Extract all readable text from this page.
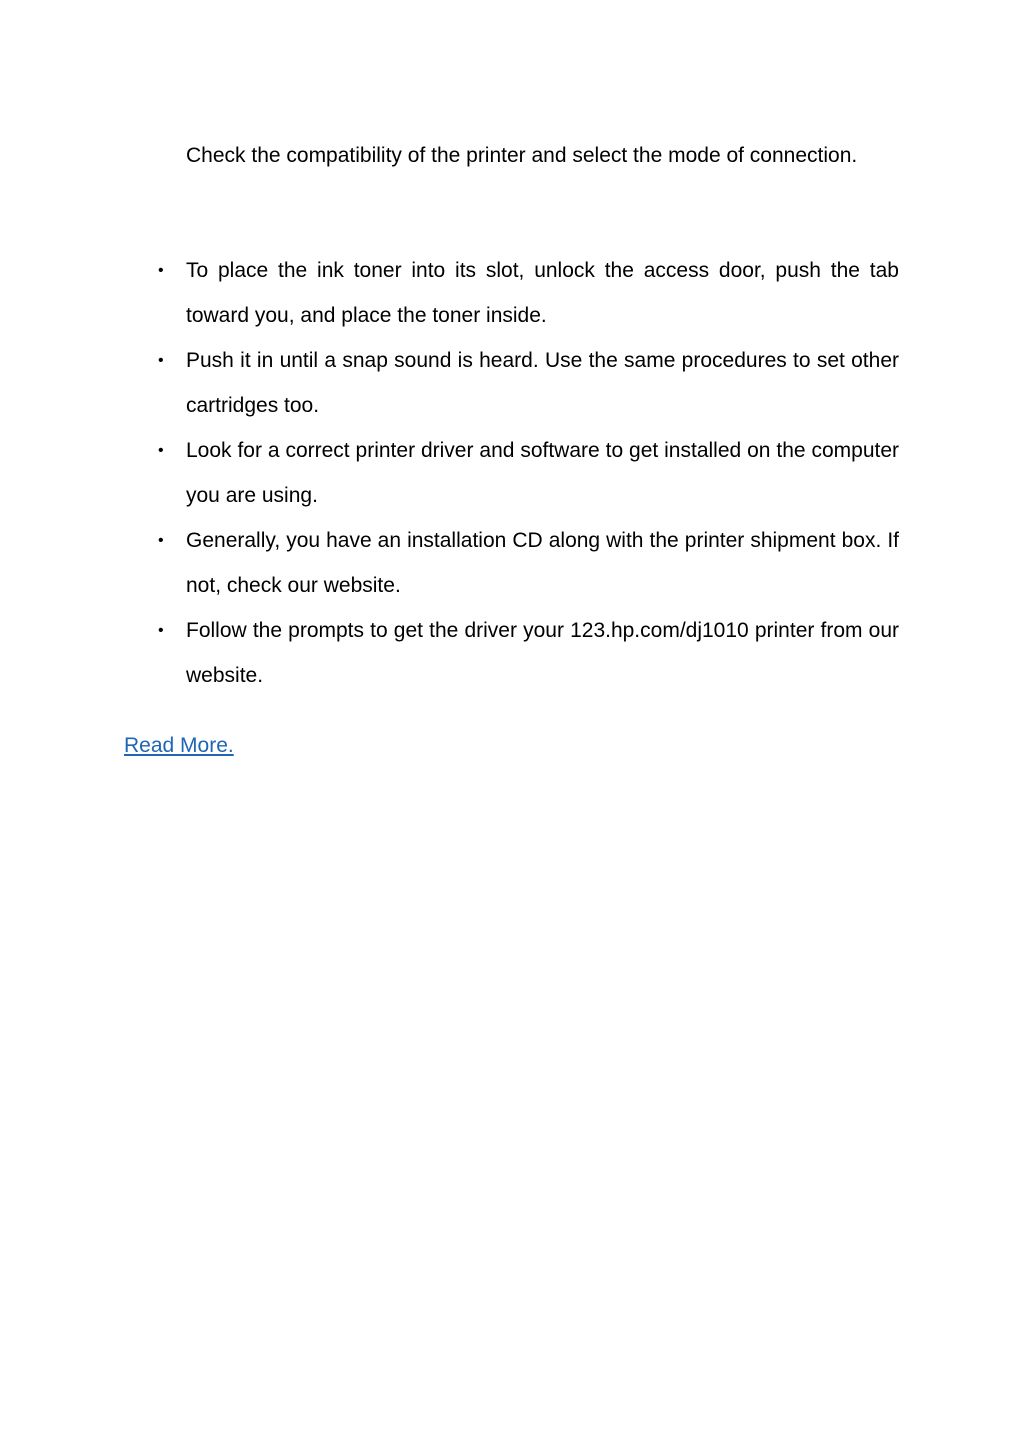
Check the compatibility of the printer and select the mode of connection.

• To place the ink toner into its slot, unlock the access door, push the tab toward you, and place the toner inside.
• Push it in until a snap sound is heard. Use the same procedures to set other cartridges too.
• Look for a correct printer driver and software to get installed on the computer you are using.
• Generally, you have an installation CD along with the printer shipment box. If not, check our website.
• Follow the prompts to get the driver your 123.hp.com/dj1010 printer from our website.
Read More.
